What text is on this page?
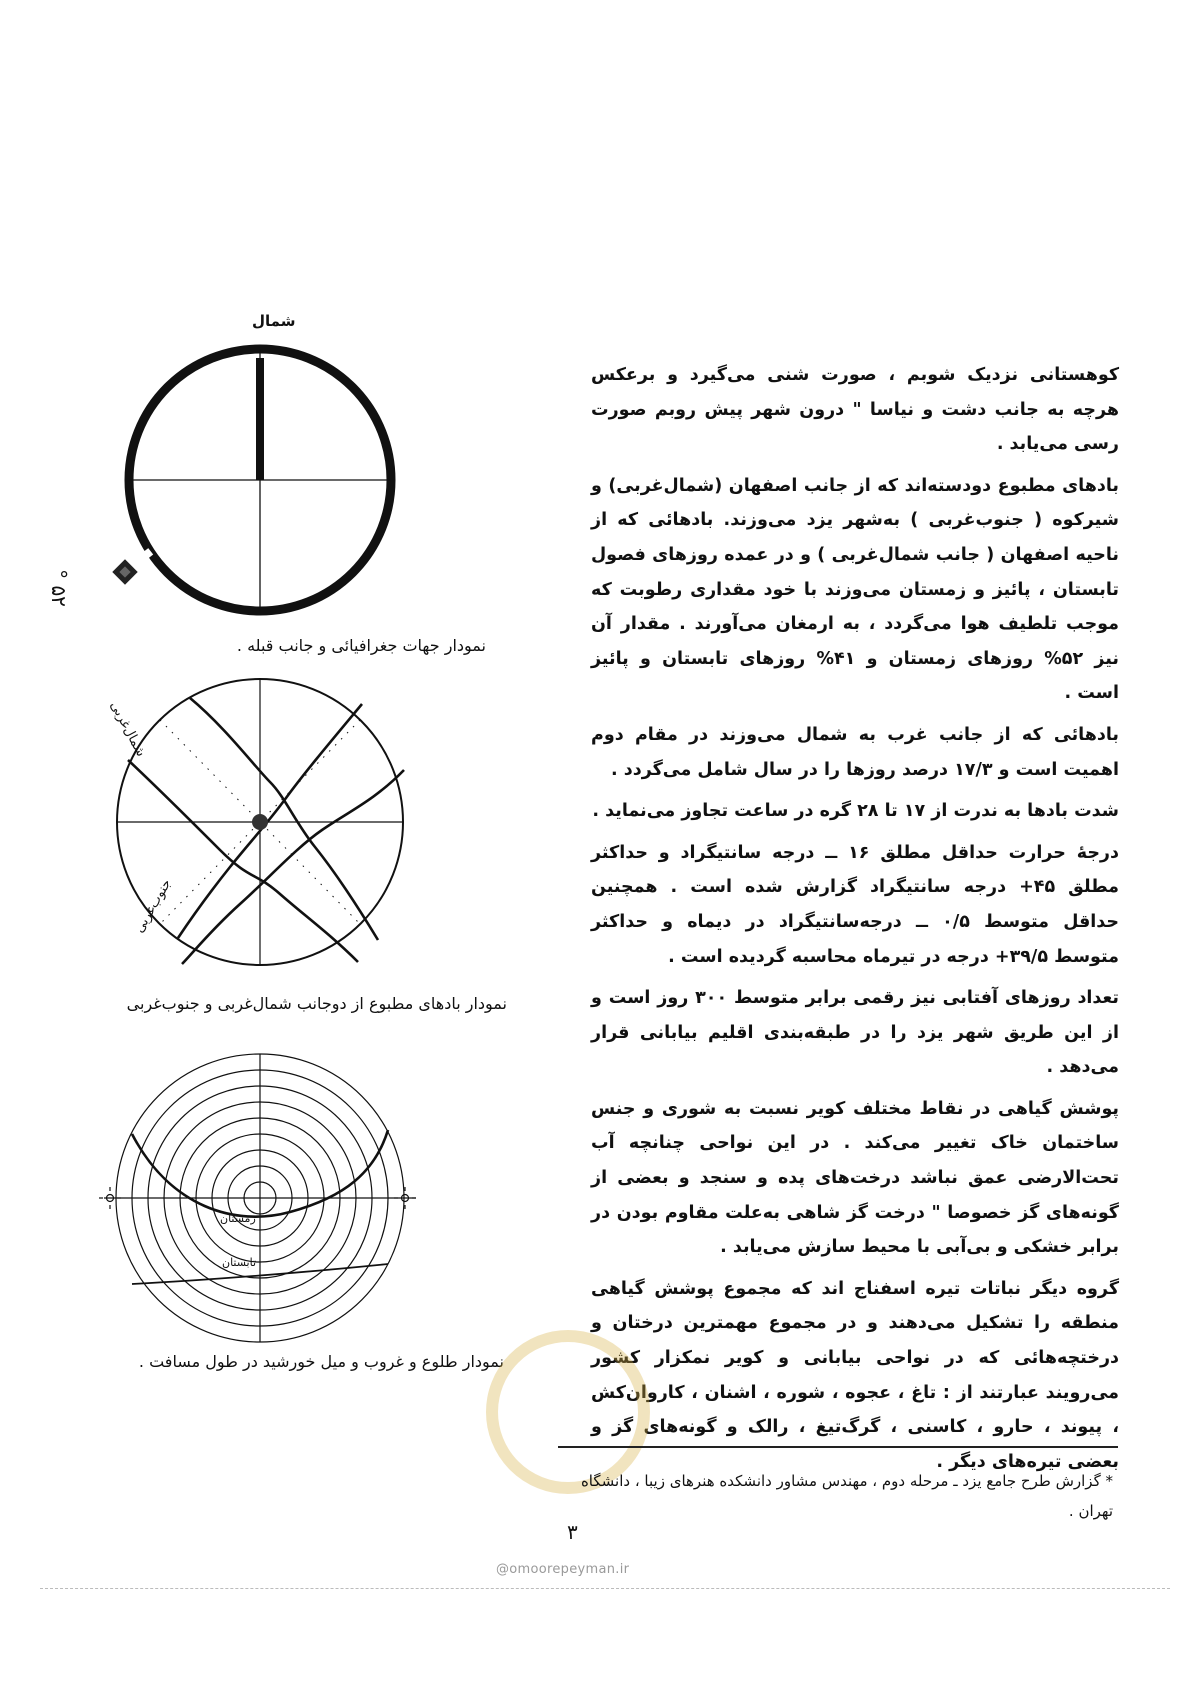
کوهستانی نزدیک شوبم ، صورت شنی می‌گیرد و برعکس هرچه به جانب دشت و نیاسا " درون شهر پیش روبم صورت رسی می‌یابد .

بادهای مطبوع دودسته‌اند که از جانب اصفهان (شمال‌غربی) و شیرکوه ( جنوب‌غربی ) به‌شهر یزد می‌وزند. بادهائی که از ناحیه اصفهان ( جانب شمال‌غربی ) و در عمده روزهای فصول تابستان ، پائیز و زمستان می‌وزند با خود مقداری رطوبت که موجب تلطیف هوا می‌گردد ، به ارمغان می‌آورند . مقدار آن نیز ۵۲% روزهای زمستان و ۴۱% روزهای تابستان و پائیز است .

بادهائی که از جانب غرب به شمال می‌وزند در مقام دوم اهمیت است و ۱۷/۳ درصد روزها را در سال شامل می‌گردد .

شدت بادها به ندرت از ۱۷ تا ۲۸ گره در ساعت تجاوز می‌نماید .

درجهٔ حرارت حداقل مطلق ۱۶ ــ درجه سانتیگراد و حداکثر مطلق ۴۵+ درجه سانتیگراد گزارش شده است . همچنین حداقل متوسط ۰/۵ ــ درجه‌سانتیگراد در دیماه و حداکثر متوسط ۳۹/۵+ درجه در تیرماه محاسبه گردیده است .

تعداد روزهای آفتابی نیز رقمی برابر متوسط ۳۰۰ روز است و از این طریق شهر یزد را در طبقه‌بندی اقلیم بیابانی قرار می‌دهد .

پوشش گیاهی در نقاط مختلف کویر نسبت به شوری و جنس ساختمان خاک تغییر می‌کند . در این نواحی چنانچه آب تحت‌الارضی عمق نباشد درخت‌های پده و سنجد و بعضی از گونه‌های گز خصوصا " درخت گز شاهی به‌علت مقاوم بودن در برابر خشکی و بی‌آبی با محیط سازش می‌یابد .

گروه دیگر نباتات تیره اسفناج اند که مجموع پوشش گیاهی منطقه را تشکیل می‌دهند و در مجموع مهمترین درختان و درختچه‌هائی که در نواحی بیابانی و کویر نمکزار کشور می‌رویند عبارتند از : تاغ ، عجوه ، شوره ، اشنان ، کاروان‌کش ، پیوند ، حارو ، کاسنی ، گرگ‌تیغ ، رالک و گونه‌های گز و بعضی تیره‌های دیگر .

شمال
۵۲ °
نمودار جهات جغرافیائی و جانب قبله .
شمال‌غربی
جنوب‌غربی
نمودار بادهای مطبوع از دوجانب شمال‌غربی و جنوب‌غربی
زمستان
تابستان
نمودار طلوع و غروب و میل خورشید در طول مسافت .
* گزارش طرح جامع یزد ـ مرحله دوم ، مهندس مشاور دانشکده هنرهای زیبا ، دانشگاه تهران .
۳
@omoorepeyman.ir
